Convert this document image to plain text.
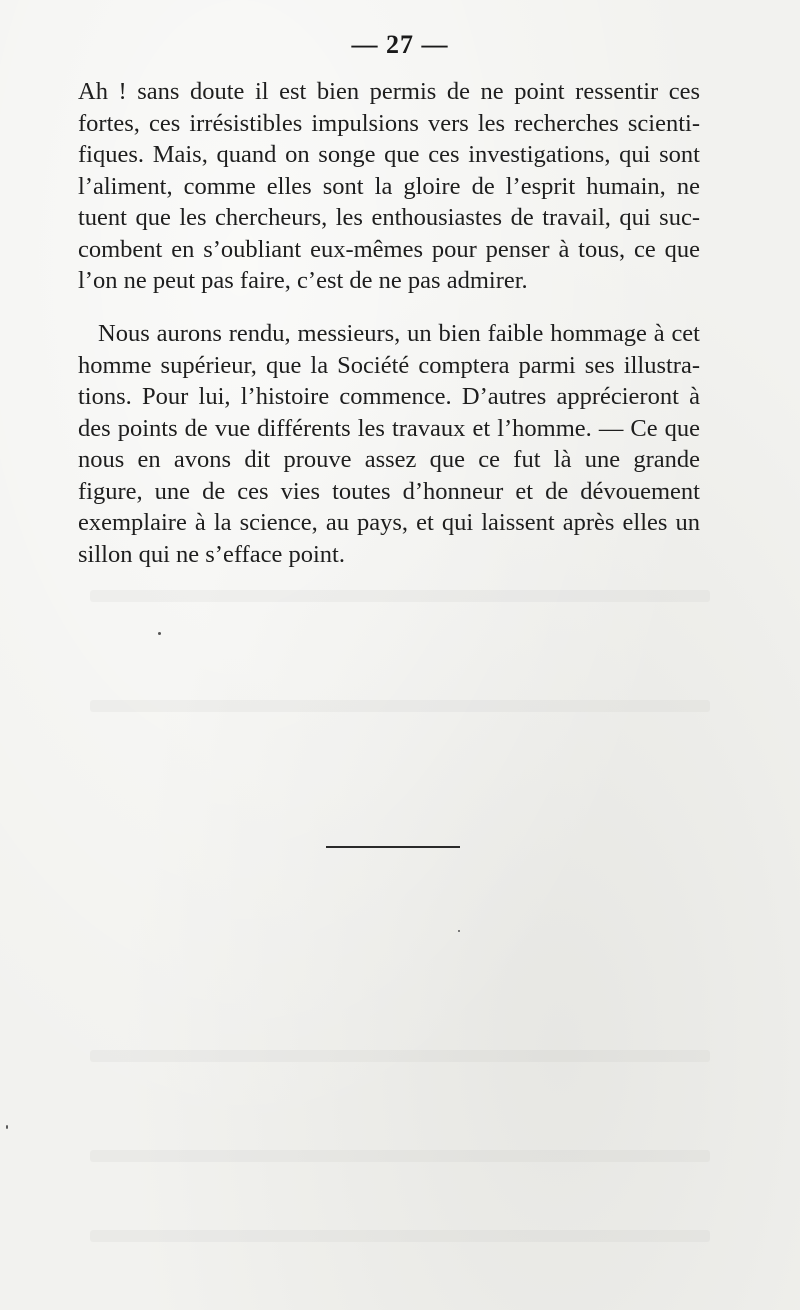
— 27 —
Ah ! sans doute il est bien permis de ne point ressentir ces
fortes, ces irrésistibles impulsions vers les recherches scienti-
fiques. Mais, quand on songe que ces investigations, qui sont
l’aliment, comme elles sont la gloire de l’esprit humain, ne
tuent que les chercheurs, les enthousiastes de travail, qui suc-
combent en s’oubliant eux-mêmes pour penser à tous, ce que
l’on ne peut pas faire, c’est de ne pas admirer.
Nous aurons rendu, messieurs, un bien faible hommage à cet
homme supérieur, que la Société comptera parmi ses illustra-
tions. Pour lui, l’histoire commence. D’autres apprécieront à
des points de vue différents les travaux et l’homme. — Ce que
nous en avons dit prouve assez que ce fut là une grande
figure, une de ces vies toutes d’honneur et de dévouement
exemplaire à la science, au pays, et qui laissent après elles un
sillon qui ne s’efface point.
